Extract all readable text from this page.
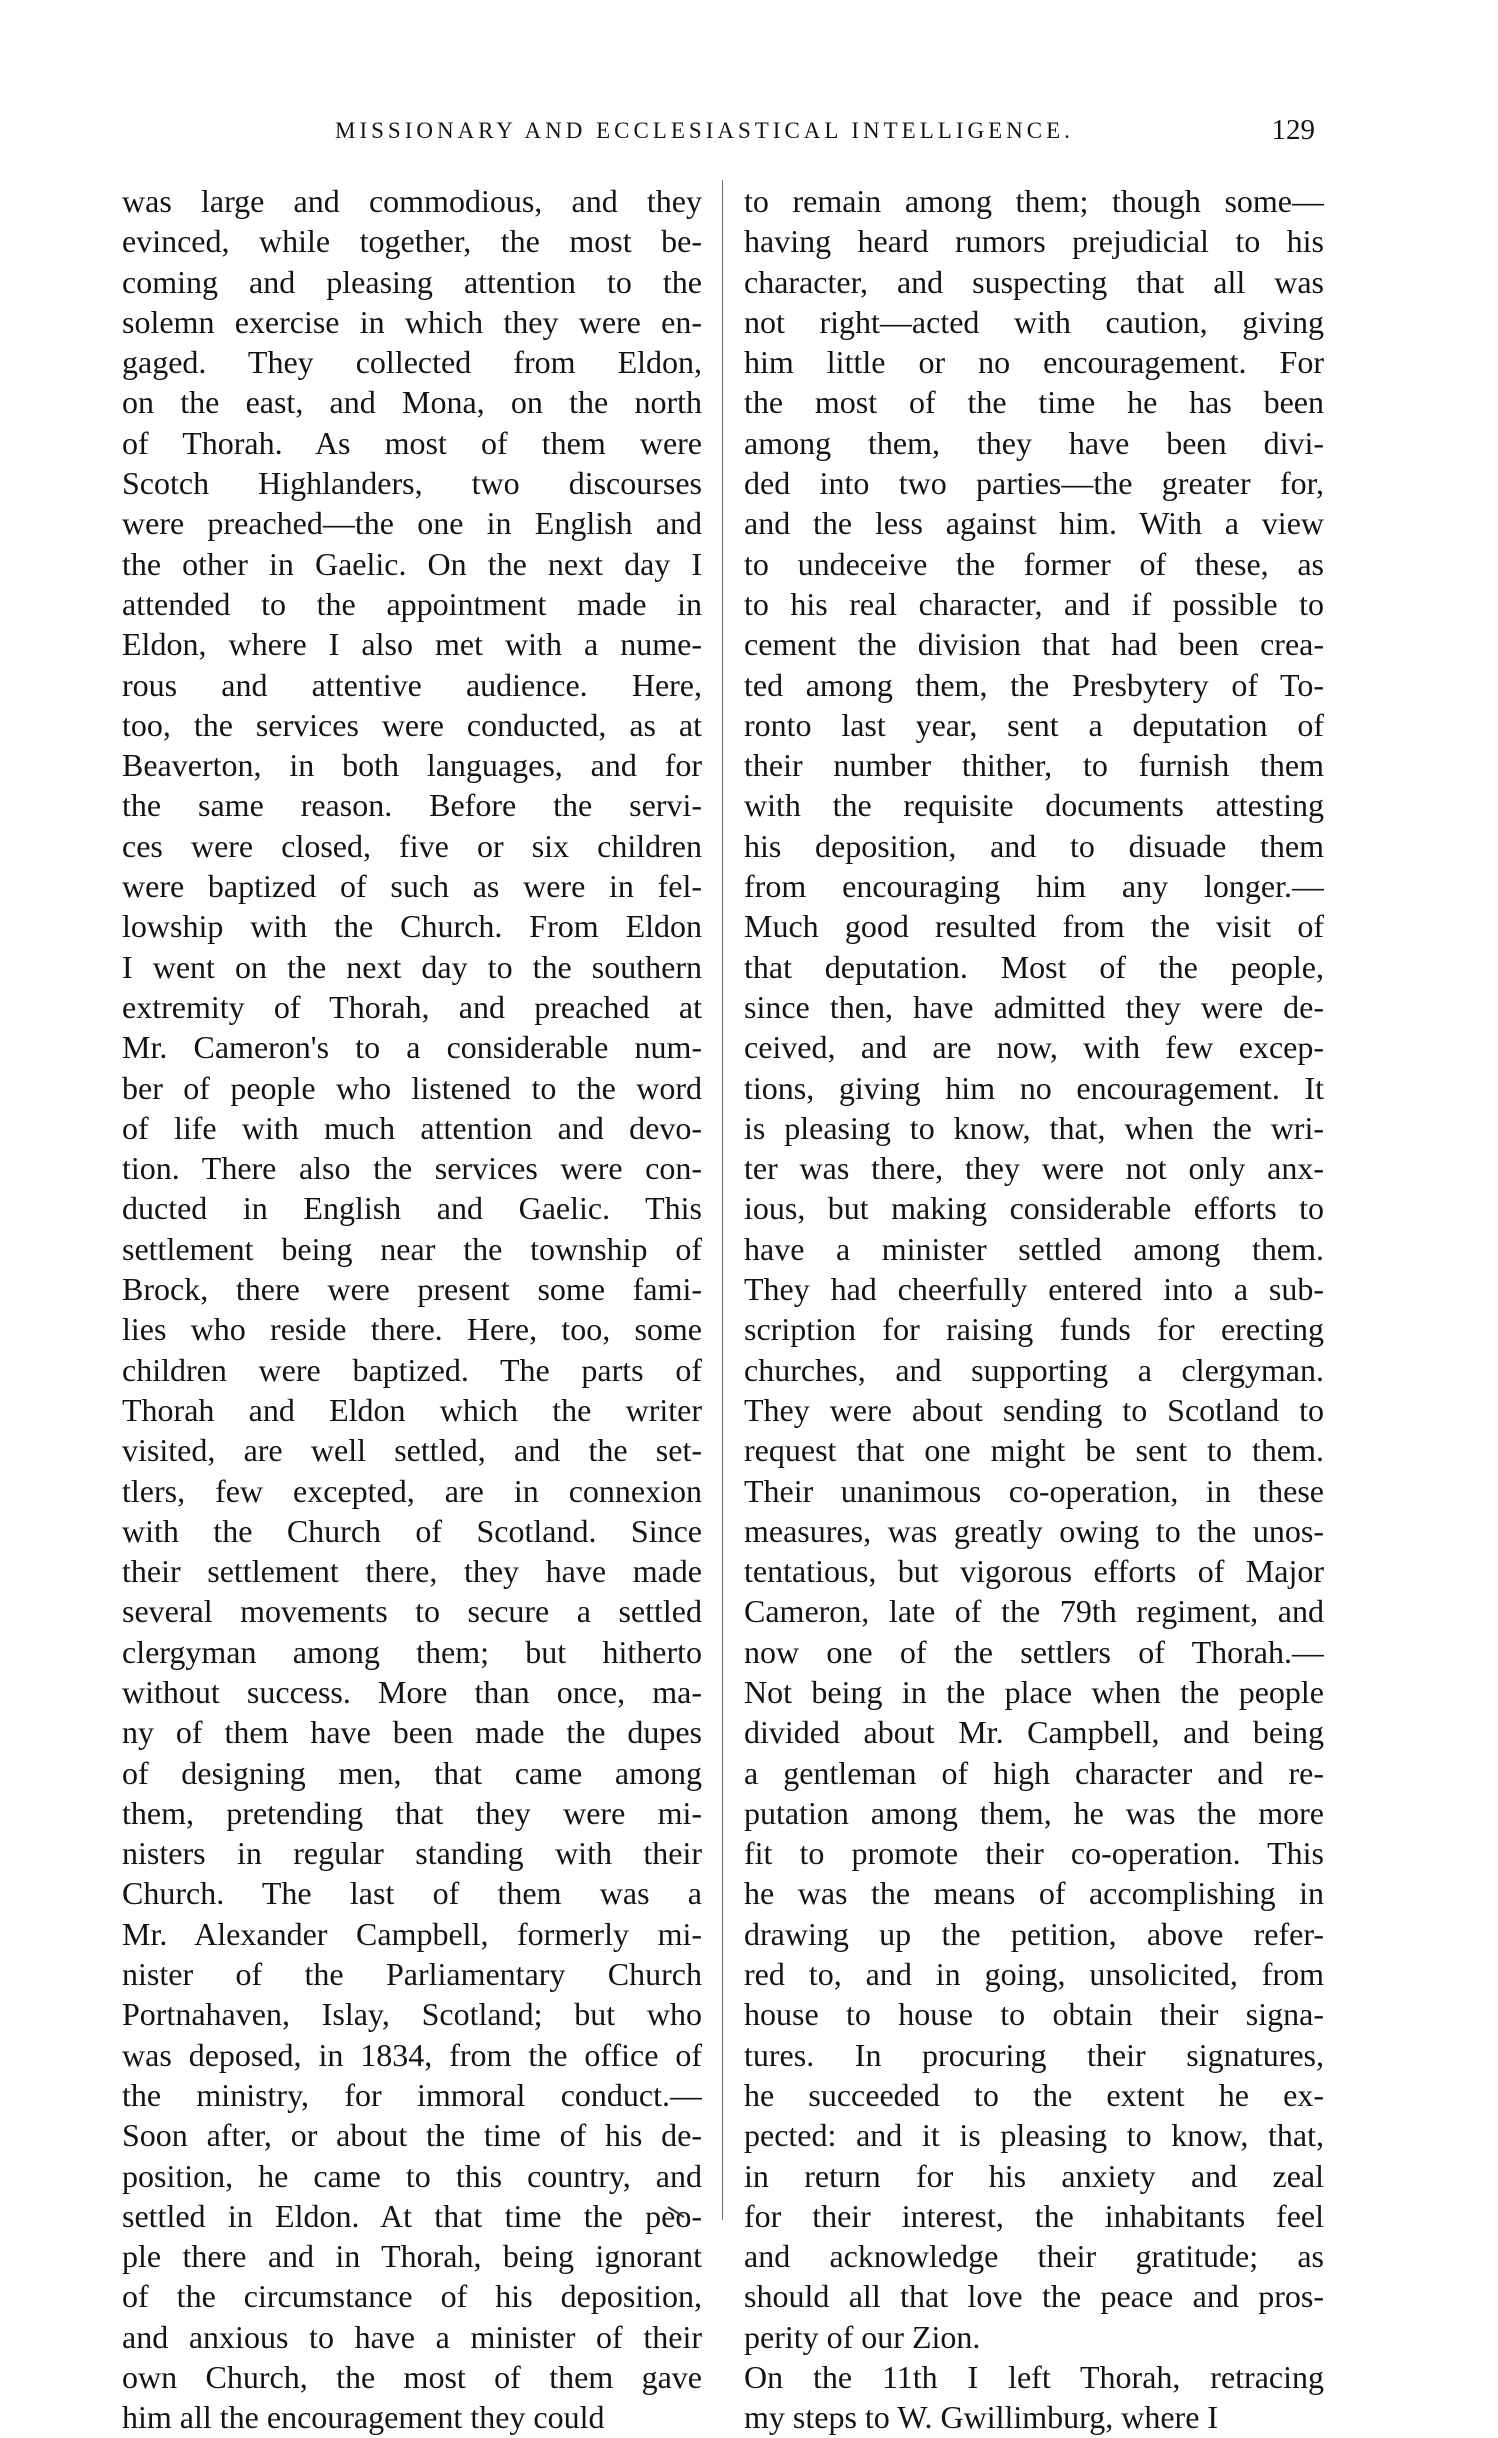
MISSIONARY AND ECCLESIASTICAL INTELLIGENCE.	129
was large and commodious, and they
evinced, while together, the most be-
coming and pleasing attention to the
solemn exercise in which they were en-
gaged. They collected from Eldon,
on the east, and Mona, on the north
of Thorah. As most of them were
Scotch Highlanders, two discourses
were preached—the one in English and
the other in Gaelic. On the next day I
attended to the appointment made in
Eldon, where I also met with a nume-
rous and attentive audience. Here,
too, the services were conducted, as at
Beaverton, in both languages, and for
the same reason. Before the servi-
ces were closed, five or six children
were baptized of such as were in fel-
lowship with the Church. From Eldon
I went on the next day to the southern
extremity of Thorah, and preached at
Mr. Cameron's to a considerable num-
ber of people who listened to the word
of life with much attention and devo-
tion. There also the services were con-
ducted in English and Gaelic. This
settlement being near the township of
Brock, there were present some fami-
lies who reside there. Here, too, some
children were baptized. The parts of
Thorah and Eldon which the writer
visited, are well settled, and the set-
tlers, few excepted, are in connexion
with the Church of Scotland. Since
their settlement there, they have made
several movements to secure a settled
clergyman among them; but hitherto
without success. More than once, ma-
ny of them have been made the dupes
of designing men, that came among
them, pretending that they were mi-
nisters in regular standing with their
Church. The last of them was a
Mr. Alexander Campbell, formerly mi-
nister of the Parliamentary Church
Portnahaven, Islay, Scotland; but who
was deposed, in 1834, from the office of
the ministry, for immoral conduct.—
Soon after, or about the time of his de-
position, he came to this country, and
settled in Eldon. At that time the peo-
ple there and in Thorah, being ignorant
of the circumstance of his deposition,
and anxious to have a minister of their
own Church, the most of them gave
him all the encouragement they could
to remain among them; though some—
having heard rumors prejudicial to his
character, and suspecting that all was
not right—acted with caution, giving
him little or no encouragement. For
the most of the time he has been
among them, they have been divi-
ded into two parties—the greater for,
and the less against him. With a view
to undeceive the former of these, as
to his real character, and if possible to
cement the division that had been crea-
ted among them, the Presbytery of To-
ronto last year, sent a deputation of
their number thither, to furnish them
with the requisite documents attesting
his deposition, and to disuade them
from encouraging him any longer.—
Much good resulted from the visit of
that deputation. Most of the people,
since then, have admitted they were de-
ceived, and are now, with few excep-
tions, giving him no encouragement. It
is pleasing to know, that, when the wri-
ter was there, they were not only anx-
ious, but making considerable efforts to
have a minister settled among them.
They had cheerfully entered into a sub-
scription for raising funds for erecting
churches, and supporting a clergyman.
They were about sending to Scotland to
request that one might be sent to them.
Their unanimous co-operation, in these
measures, was greatly owing to the unos-
tentatious, but vigorous efforts of Major
Cameron, late of the 79th regiment, and
now one of the settlers of Thorah.—
Not being in the place when the people
divided about Mr. Campbell, and being
a gentleman of high character and re-
putation among them, he was the more
fit to promote their co-operation. This
he was the means of accomplishing in
drawing up the petition, above refer-
red to, and in going, unsolicited, from
house to house to obtain their signa-
tures. In procuring their signatures,
he succeeded to the extent he ex-
pected: and it is pleasing to know, that,
in return for his anxiety and zeal
for their interest, the inhabitants feel
and acknowledge their gratitude; as
should all that love the peace and pros-
perity of our Zion.
On the 11th I left Thorah, retracing
my steps to W. Gwillimburg, where I
